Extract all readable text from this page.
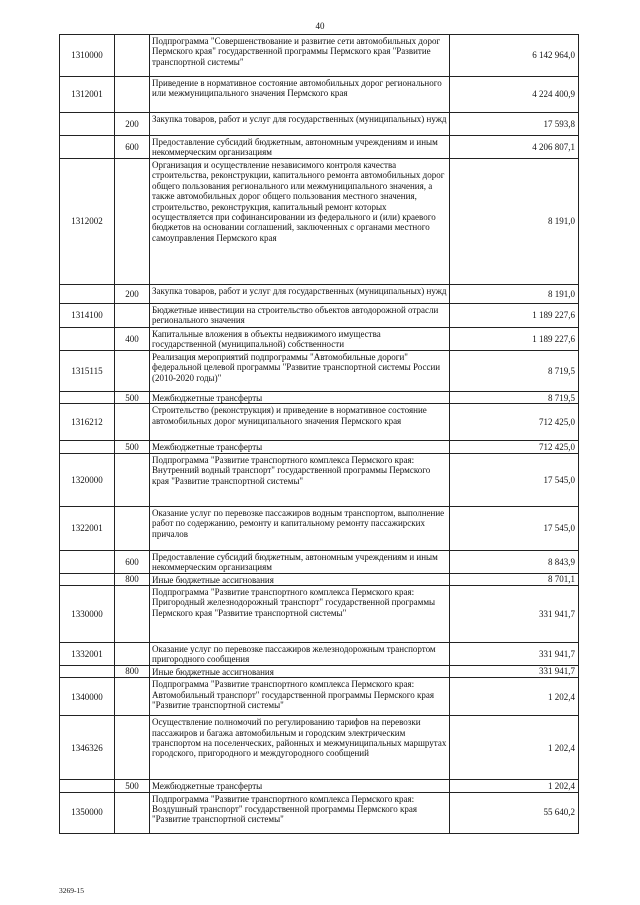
40
1310000		Подпрограмма "Совершенствование и развитие сети автомобильных дорог Пермского края" государственной программы Пермского края "Развитие транспортной системы"	6 142 964,0
1312001		Приведение в нормативное состояние автомобильных дорог регионального или межмуниципального значения Пермского края	4 224 400,9
	200	Закупка товаров, работ и услуг для государственных (муниципальных) нужд	17 593,8
	600	Предоставление субсидий бюджетным, автономным учреждениям и иным некоммерческим организациям	4 206 807,1
1312002		Организация и осуществление независимого контроля качества строительства, реконструкции, капитального ремонта автомобильных дорог общего пользования регионального или межмуниципального значения, а также автомобильных дорог общего пользования местного значения, строительство, реконструкция, капитальный ремонт которых осуществляется при софинансировании из федерального и (или) краевого бюджетов на основании соглашений, заключенных с органами местного самоуправления Пермского края	8 191,0
	200	Закупка товаров, работ и услуг для государственных (муниципальных) нужд	8 191,0
1314100		Бюджетные инвестиции на строительство объектов автодорожной отрасли регионального значения	1 189 227,6
	400	Капитальные вложения в объекты недвижимого имущества государственной (муниципальной) собственности	1 189 227,6
1315115		Реализация мероприятий подпрограммы "Автомобильные дороги" федеральной целевой программы "Развитие транспортной системы России (2010-2020 годы)"	8 719,5
	500	Межбюджетные трансферты	8 719,5
1316212		Строительство (реконструкция) и приведение в нормативное состояние автомобильных дорог муниципального значения Пермского края	712 425,0
	500	Межбюджетные трансферты	712 425,0
1320000		Подпрограмма "Развитие транспортного комплекса Пермского края: Внутренний водный транспорт" государственной программы Пермского края "Развитие транспортной системы"	17 545,0
1322001		Оказание услуг по перевозке пассажиров водным транспортом, выполнение работ по содержанию, ремонту и капитальному ремонту пассажирских причалов	17 545,0
	600	Предоставление субсидий бюджетным, автономным учреждениям и иным некоммерческим организациям	8 843,9
	800	Иные бюджетные ассигнования	8 701,1
1330000		Подпрограмма "Развитие транспортного комплекса Пермского края: Пригородный железнодорожный транспорт" государственной программы Пермского края "Развитие транспортной системы"	331 941,7
1332001		Оказание услуг по перевозке пассажиров железнодорожным транспортом пригородного сообщения	331 941,7
	800	Иные бюджетные ассигнования	331 941,7
1340000		Подпрограмма "Развитие транспортного комплекса Пермского края: Автомобильный транспорт" государственной программы Пермского края "Развитие транспортной системы"	1 202,4
1346326		Осуществление полномочий по регулированию тарифов на перевозки пассажиров и багажа автомобильным и городским электрическим транспортом на поселенческих, районных и межмуниципальных маршрутах городского, пригородного и междугородного сообщений	1 202,4
	500	Межбюджетные трансферты	1 202,4
1350000		Подпрограмма "Развитие транспортного комплекса Пермского края: Воздушный транспорт" государственной программы Пермского края "Развитие транспортной системы"	55 640,2
3269-15
